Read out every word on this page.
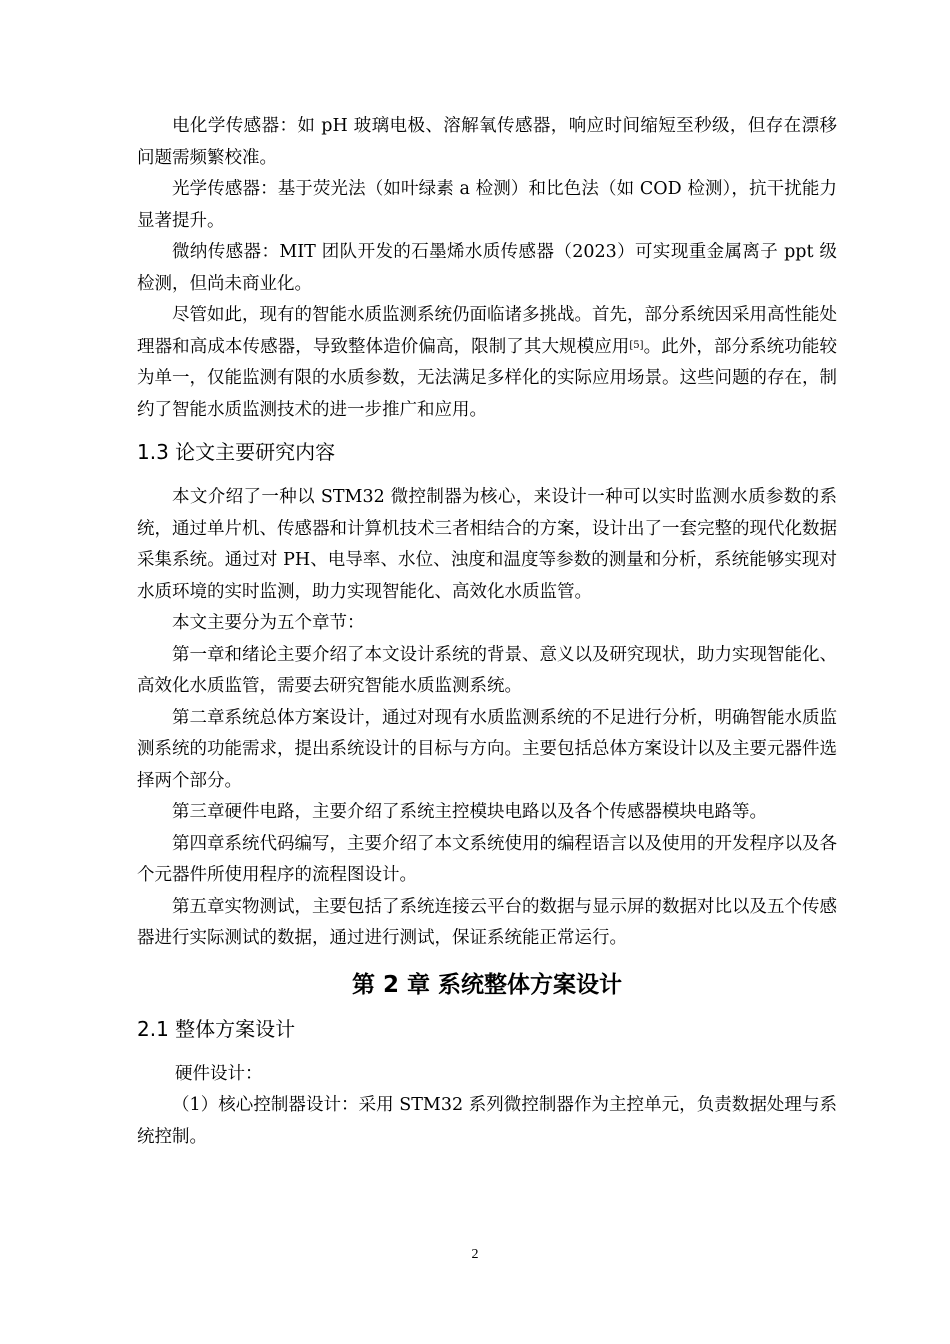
电化学传感器：如 pH 玻璃电极、溶解氧传感器，响应时间缩短至秒级，但存在漂移问题需频繁校准。

光学传感器：基于荧光法（如叶绿素 a 检测）和比色法（如 COD 检测），抗干扰能力显著提升。

微纳传感器：MIT 团队开发的石墨烯水质传感器（2023）可实现重金属离子 ppt 级检测，但尚未商业化。

尽管如此，现有的智能水质监测系统仍面临诸多挑战。首先，部分系统因采用高性能处理器和高成本传感器，导致整体造价偏高，限制了其大规模应用[5]。此外，部分系统功能较为单一，仅能监测有限的水质参数，无法满足多样化的实际应用场景。这些问题的存在，制约了智能水质监测技术的进一步推广和应用。

1.3 论文主要研究内容

本文介绍了一种以 STM32 微控制器为核心，来设计一种可以实时监测水质参数的系统，通过单片机、传感器和计算机技术三者相结合的方案，设计出了一套完整的现代化数据采集系统。通过对 PH、电导率、水位、浊度和温度等参数的测量和分析，系统能够实现对水质环境的实时监测，助力实现智能化、高效化水质监管。

本文主要分为五个章节：

第一章和绪论主要介绍了本文设计系统的背景、意义以及研究现状，助力实现智能化、高效化水质监管，需要去研究智能水质监测系统。

第二章系统总体方案设计，通过对现有水质监测系统的不足进行分析，明确智能水质监测系统的功能需求，提出系统设计的目标与方向。主要包括总体方案设计以及主要元器件选择两个部分。

第三章硬件电路，主要介绍了系统主控模块电路以及各个传感器模块电路等。

第四章系统代码编写，主要介绍了本文系统使用的编程语言以及使用的开发程序以及各个元器件所使用程序的流程图设计。

第五章实物测试，主要包括了系统连接云平台的数据与显示屏的数据对比以及五个传感器进行实际测试的数据，通过进行测试，保证系统能正常运行。

第 2 章 系统整体方案设计
2.1 整体方案设计

硬件设计：

（1）核心控制器设计：采用 STM32 系列微控制器作为主控单元，负责数据处理与系统控制。

2
